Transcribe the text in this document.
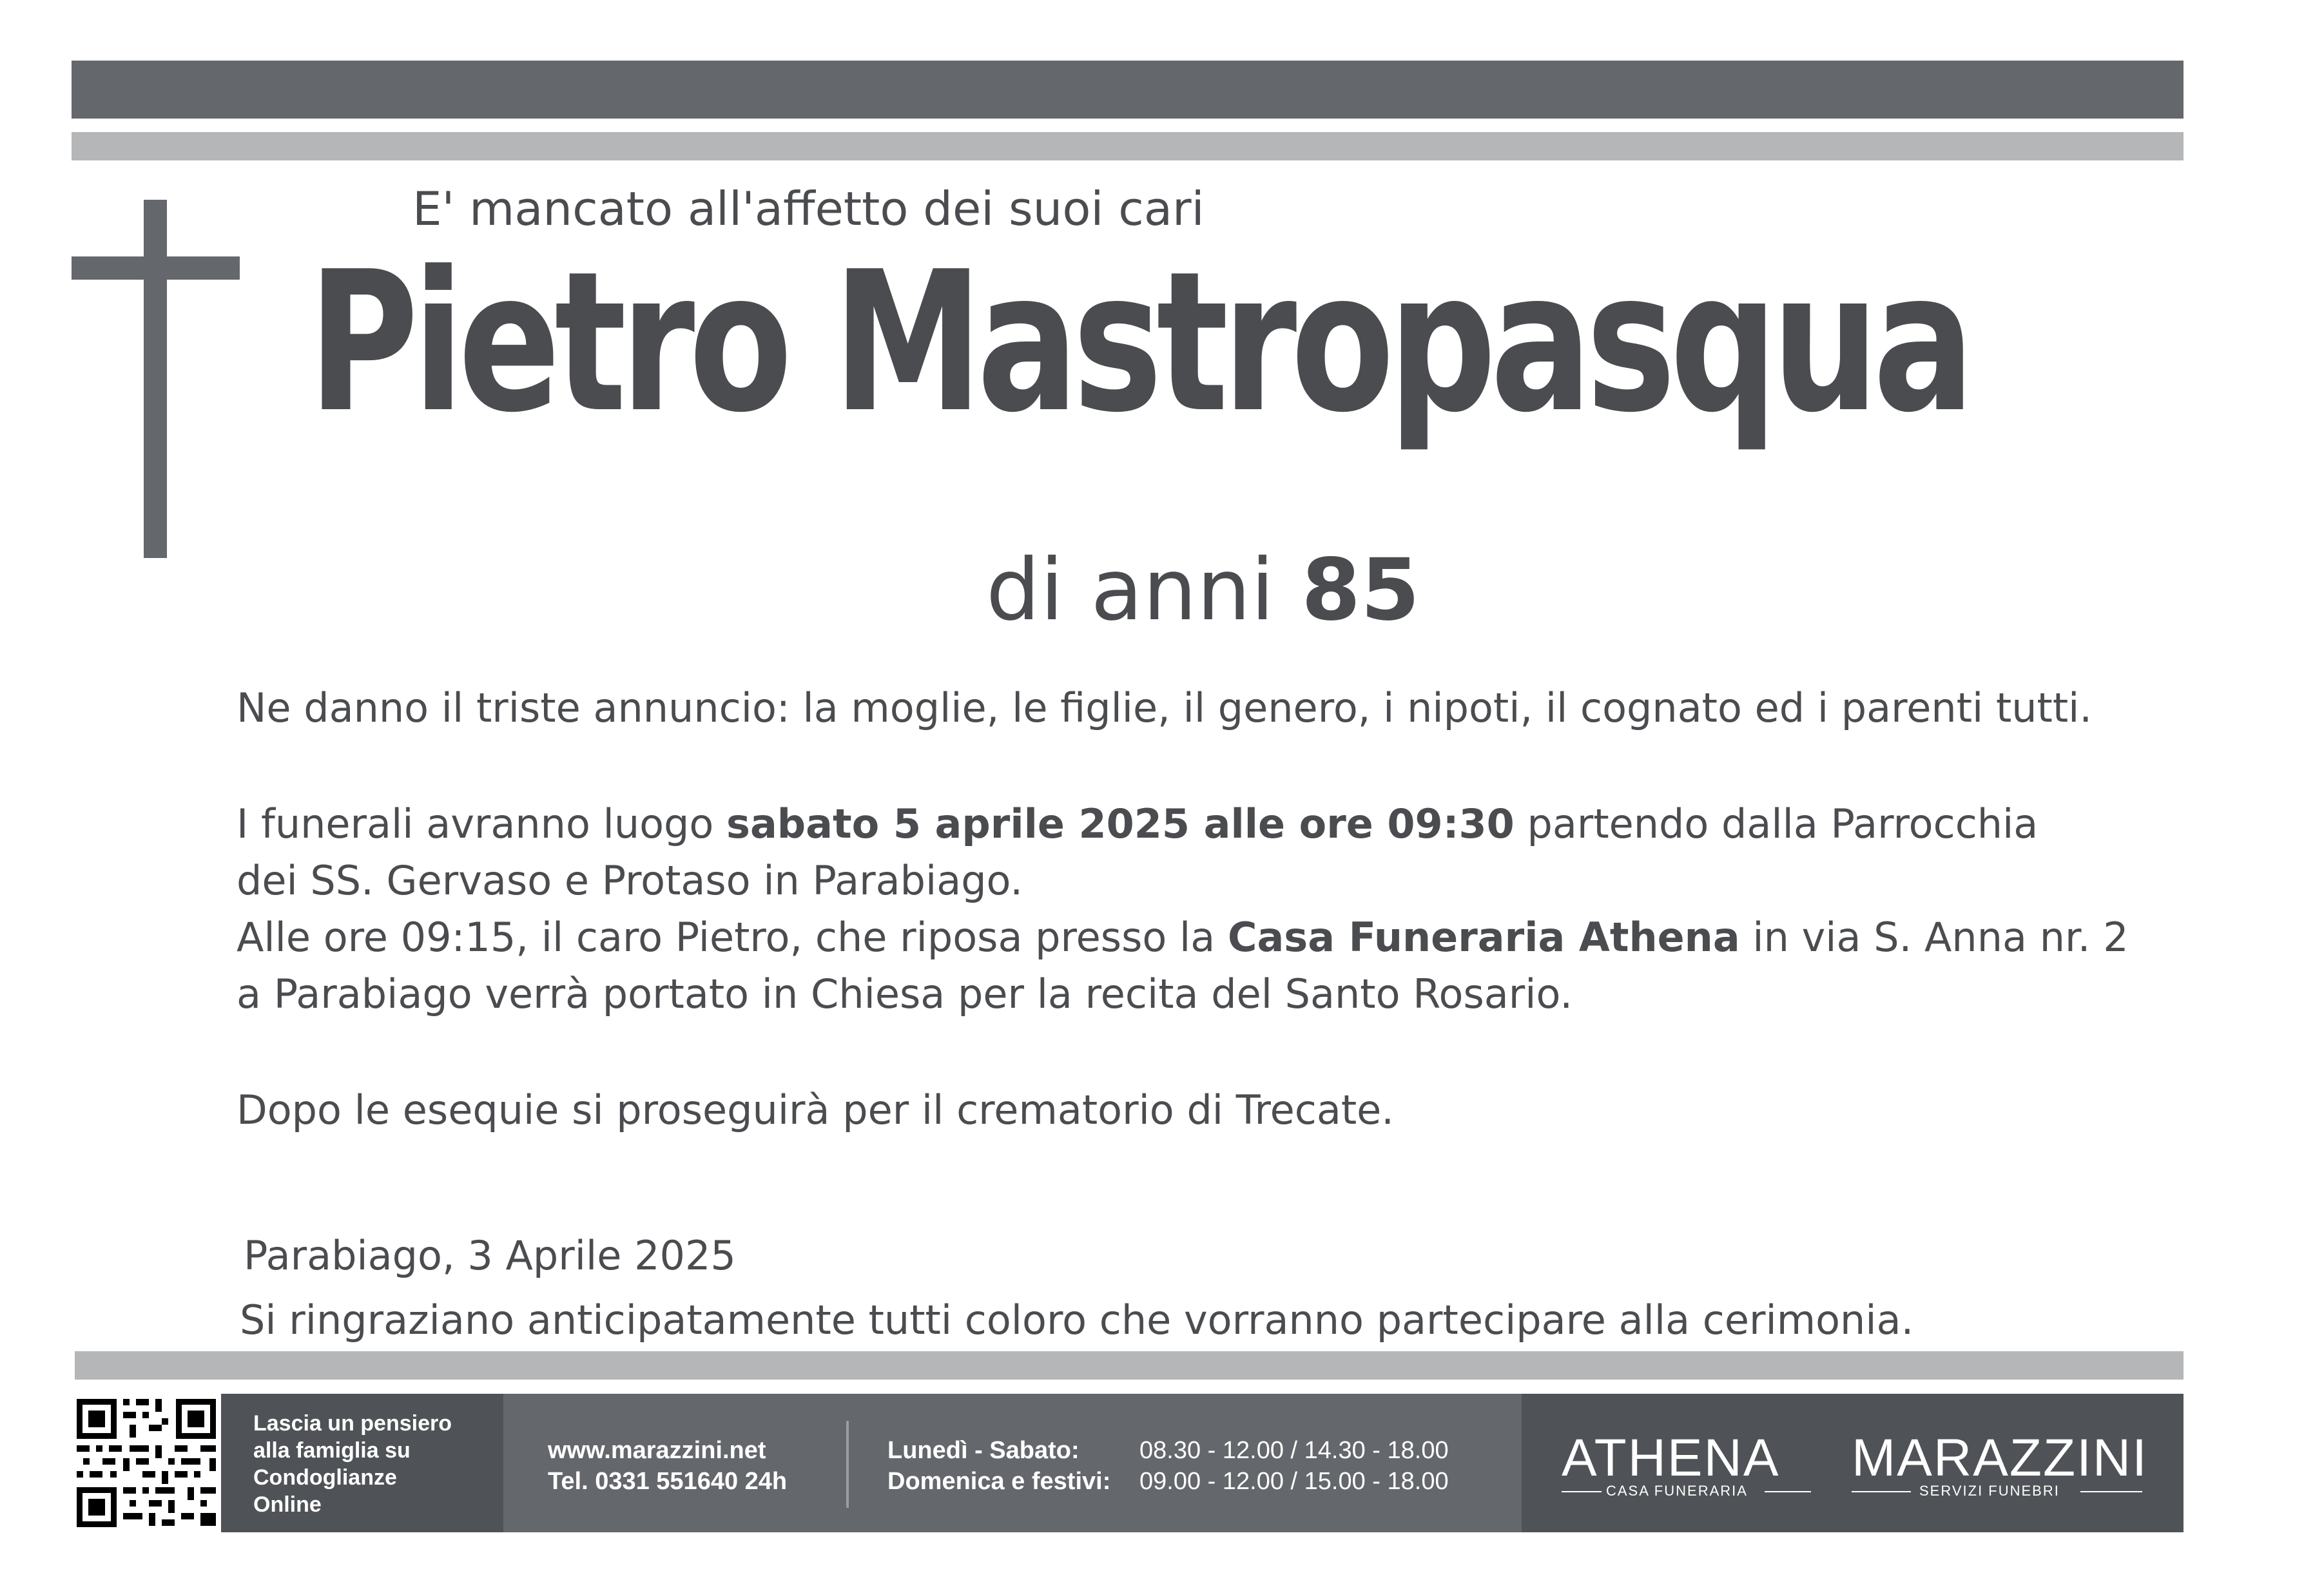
E' mancato all'affetto dei suoi cari
Pietro Mastropasqua
di anni 85
Ne danno il triste annuncio: la moglie, le figlie, il genero, i nipoti, il cognato ed i parenti tutti.
I funerali avranno luogo sabato 5 aprile 2025 alle ore 09:30 partendo dalla Parrocchia
dei SS. Gervaso e Protaso in Parabiago.
Alle ore 09:15, il caro Pietro, che riposa presso la Casa Funeraria Athena in via S. Anna nr. 2
a Parabiago verrà portato in Chiesa per la recita del Santo Rosario.
Dopo le esequie si proseguirà per il crematorio di Trecate.
Parabiago, 3 Aprile 2025
Si ringraziano anticipatamente tutti coloro che vorranno partecipare alla cerimonia.
Lascia un pensiero
alla famiglia su
Condoglianze
Online
www.marazzini.net
Tel. 0331 551640 24h
Lunedì - Sabato: 08.30 - 12.00 / 14.30 - 18.00
Domenica e festivi: 09.00 - 12.00 / 15.00 - 18.00 ATHENA
CASA FUNERARIA
MARAZZINI
SERVIZI FUNEBRI
